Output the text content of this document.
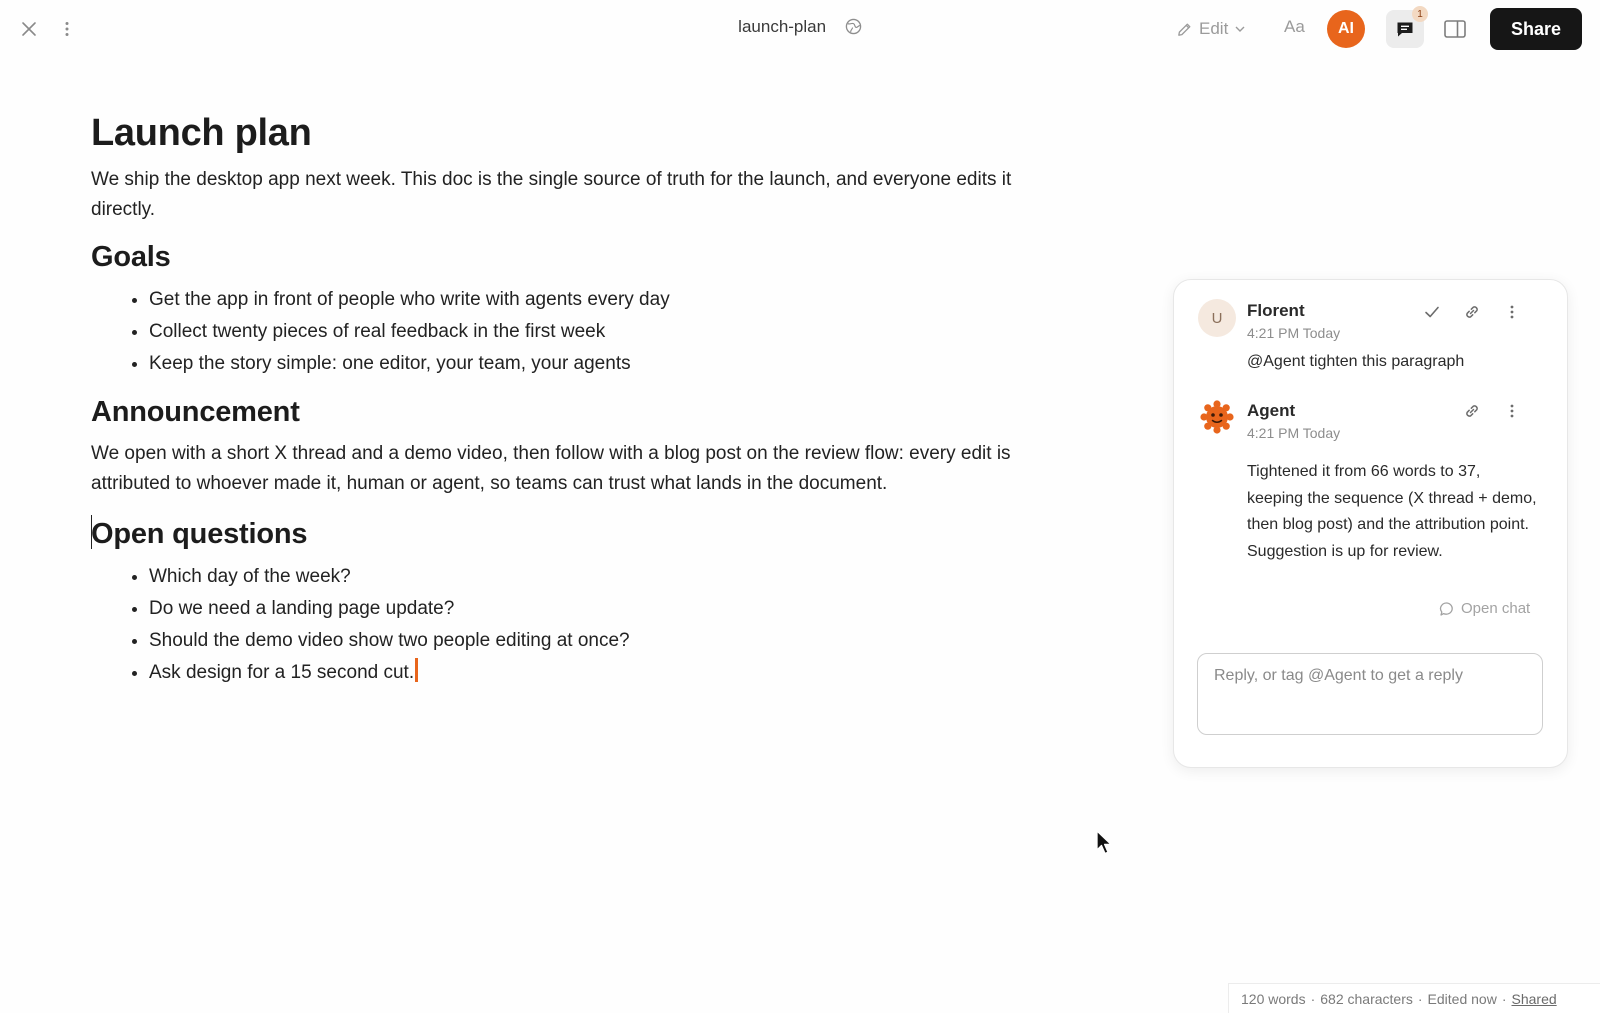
launch-plan	Edit	Aa	AI
1
Share
Launch plan

We ship the desktop app next week. This doc is the single source of truth for the launch, and everyone edits it directly.

Goals
• Get the app in front of people who write with agents every day
• Collect twenty pieces of real feedback in the first week
• Keep the story simple: one editor, your team, your agents
Announcement

We open with a short X thread and a demo video, then follow with a blog post on the review flow: every edit is attributed to whoever made it, human or agent, so teams can trust what lands in the document.

Open questions
• Which day of the week?
• Do we need a landing page update?
• Should the demo video show two people editing at once?
• Ask design for a 15 second cut.
U	Florent
4:21 PM Today
@Agent tighten this paragraph
Agent
4:21 PM Today
Tightened it from 66 words to 37, keeping the sequence (X thread + demo, then blog post) and the attribution point. Suggestion is up for review.
Open chat
Reply, or tag @Agent to get a reply
120 words · 682 characters · Edited now · Shared
